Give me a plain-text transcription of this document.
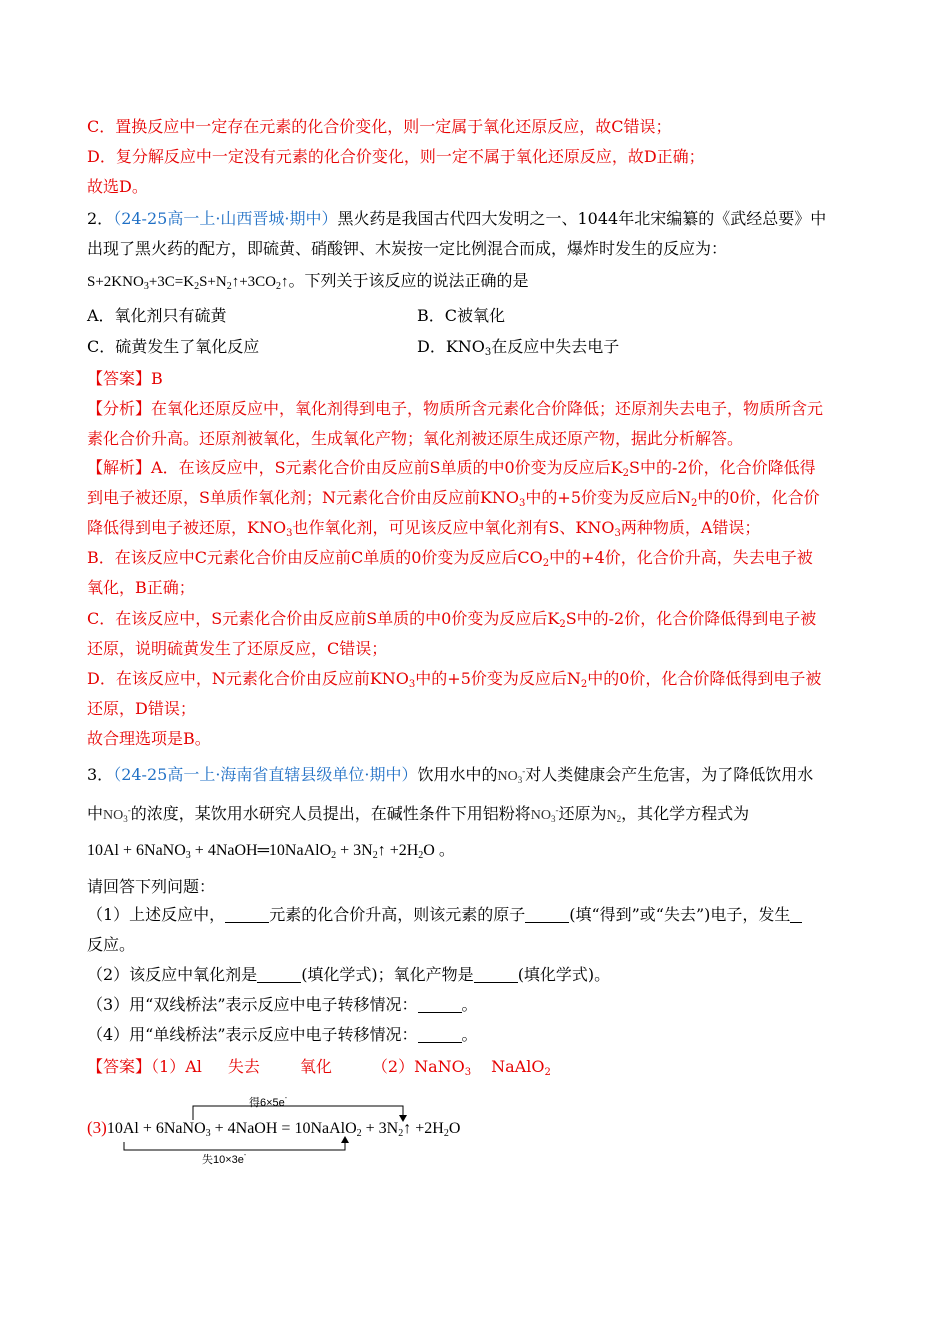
C．置换反应中一定存在元素的化合价变化，则一定属于氧化还原反应，故C错误；
D．复分解反应中一定没有元素的化合价变化，则一定不属于氧化还原反应，故D正确；
故选D。
2．（24-25高一上·山西晋城·期中）黑火药是我国古代四大发明之一、1044年北宋编纂的《武经总要》中
出现了黑火药的配方，即硫黄、硝酸钾、木炭按一定比例混合而成，爆炸时发生的反应为：
$S+2KNO_3+3C=K_2S+N_2↑+3CO_2↑$。下列关于该反应的说法正确的是
A．氧化剂只有硫黄	B．C被氧化
C．硫黄发生了氧化反应	D．$KNO_3$在反应中失去电子
【答案】B
【分析】在氧化还原反应中，氧化剂得到电子，物质所含元素化合价降低；还原剂失去电子，物质所含元
素化合价升高。还原剂被氧化，生成氧化产物；氧化剂被还原生成还原产物，据此分析解答。
【解析】A．在该反应中，S元素化合价由反应前S单质的中0价变为反应后$K_2S$中的-2价，化合价降低得
到电子被还原，S单质作氧化剂；N元素化合价由反应前$KNO_3$中的+5价变为反应后$N_2$中的0价，化合价
降低得到电子被还原，$KNO_3$也作氧化剂，可见该反应中氧化剂有S、$KNO_3$两种物质，A错误；
B．在该反应中C元素化合价由反应前C单质的0价变为反应后$CO_2$中的+4价，化合价升高，失去电子被
氧化，B正确；
C．在该反应中，S元素化合价由反应前S单质的中0价变为反应后$K_2S$中的-2价，化合价降低得到电子被
还原，说明硫黄发生了还原反应，C错误；
D．在该反应中，N元素化合价由反应前$KNO_3$中的+5价变为反应后$N_2$中的0价，化合价降低得到电子被
还原，D错误；
故合理选项是B。
3．（24-25高一上·海南省直辖县级单位·期中）饮用水中的$NO_3^-$对人类健康会产生危害，为了降低饮用水
中$NO_3^-$的浓度，某饮用水研究人员提出，在碱性条件下用铝粉将$NO_3^-$还原为$N_2$，其化学方程式为
10Al + 6NaNO$_3$ + 4NaOH═10NaAlO$_2$ + $3N_2↑ +2H_2O$ 。
请回答下列问题：
（1）上述反应中，	元素的化合价升高，则该元素的原子	(填“得到”或“失去”)电子，发生
反应。
（2）该反应中氧化剂是	(填化学式)；氧化产物是	(填化学式)。
（3）用“双线桥法”表示反应中电子转移情况：	。
（4）用“单线桥法”表示反应中电子转移情况：	。
【答案】（1）Al 失去	氧化	（2）NaNO$_3$ NaAlO$_2$
得6×5e-
失10×3e-
(3)10Al + 6NaNO$_3$ + 4NaOH = 10NaAlO$_2$ + $3N_2↑ +2H_2O$
